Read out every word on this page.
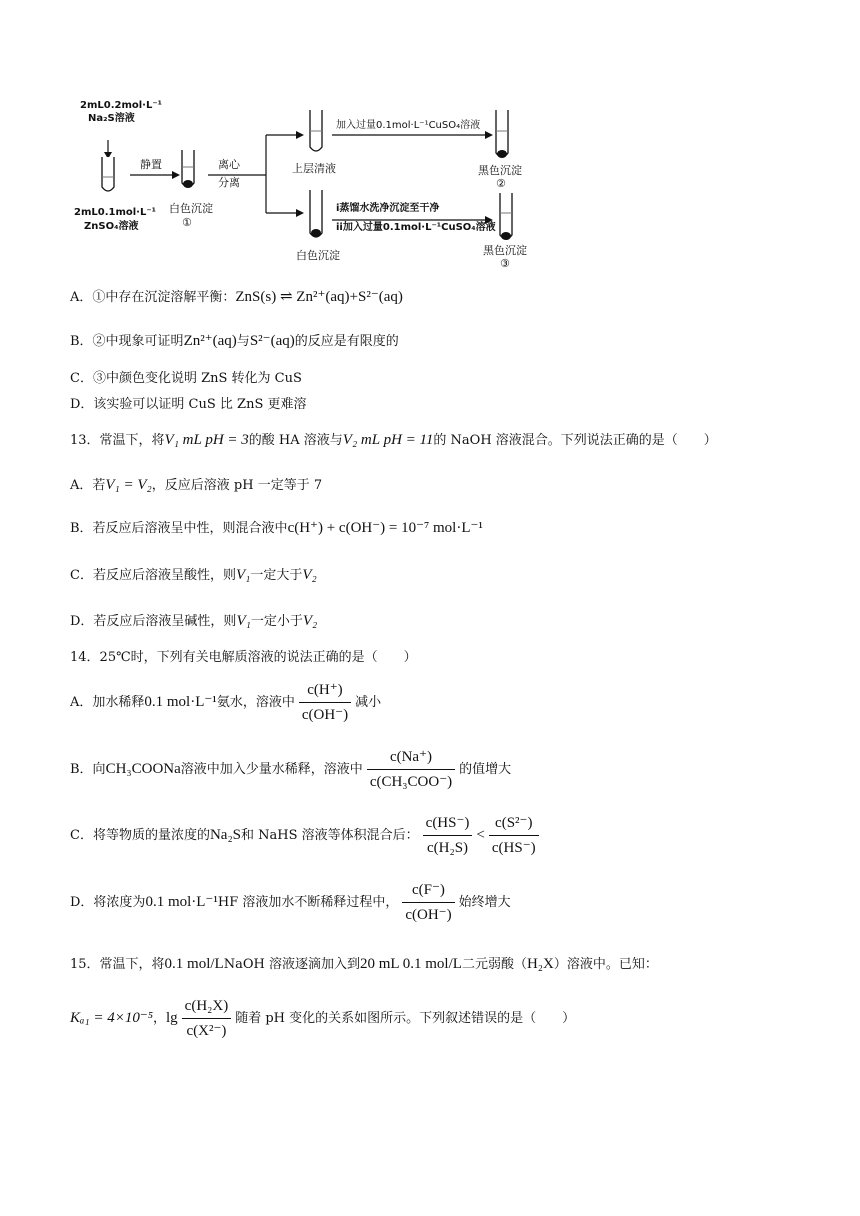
2mL0.2mol·L⁻¹
Na₂S溶液
2mL0.1mol·L⁻¹
ZnSO₄溶液
静置
白色沉淀
①
离心
分离
上层清液
加入过量0.1mol·L⁻¹CuSO₄溶液
黑色沉淀
②
白色沉淀
i蒸馏水洗净沉淀至干净
ii加入过量0.1mol·L⁻¹CuSO₄溶液
黑色沉淀
③
A．①中存在沉淀溶解平衡：ZnS(s) ⇌ Zn²⁺(aq)+S²⁻(aq)
B．②中现象可证明Zn²⁺(aq)与S²⁻(aq)的反应是有限度的
C．③中颜色变化说明 ZnS 转化为 CuS
D．该实验可以证明 CuS 比 ZnS 更难溶
13．常温下，将V₁ mL pH = 3的酸 HA 溶液与V₂ mL pH = 11的 NaOH 溶液混合。下列说法正确的是（　　）
A．若V₁ = V₂，反应后溶液 pH 一定等于 7
B．若反应后溶液呈中性，则混合液中c(H⁺) + c(OH⁻) = 10⁻⁷ mol·L⁻¹
C．若反应后溶液呈酸性，则V₁一定大于V₂
D．若反应后溶液呈碱性，则V₁一定小于V₂
14．25℃时，下列有关电解质溶液的说法正确的是（　　）
A．加水稀释0.1 mol·L⁻¹氨水，溶液中 $\frac{c(H^+)}{c(OH^-)}$ 减小
B．向CH₃COONa溶液中加入少量水稀释，溶液中 $\frac{c(Na^+)}{\text{c(CH₃COO⁻)}}$ 的值增大
C．将等物质的量浓度的Na₂S和 NaHS 溶液等体积混合后： $\frac{c(HS^-)}{\text{c(H₂S)}} < \frac{\text{c(S²⁻)}}{c(HS^-)}$
D．将浓度为0.1 mol·L⁻¹HF 溶液加水不断稀释过程中， $\frac{c(F^-)}{c(OH^-)}$ 始终增大
15．常温下，将0.1 mol/LNaOH 溶液逐滴加入到20 mL 0.1 mol/L二元弱酸（H₂X）溶液中。已知：
Kₐ₁ = 4×10⁻⁵，$\lg \frac{\text{c(H₂X)}}{\text{c(X²⁻)}}$ 随着 pH 变化的关系如图所示。下列叙述错误的是（　　）
